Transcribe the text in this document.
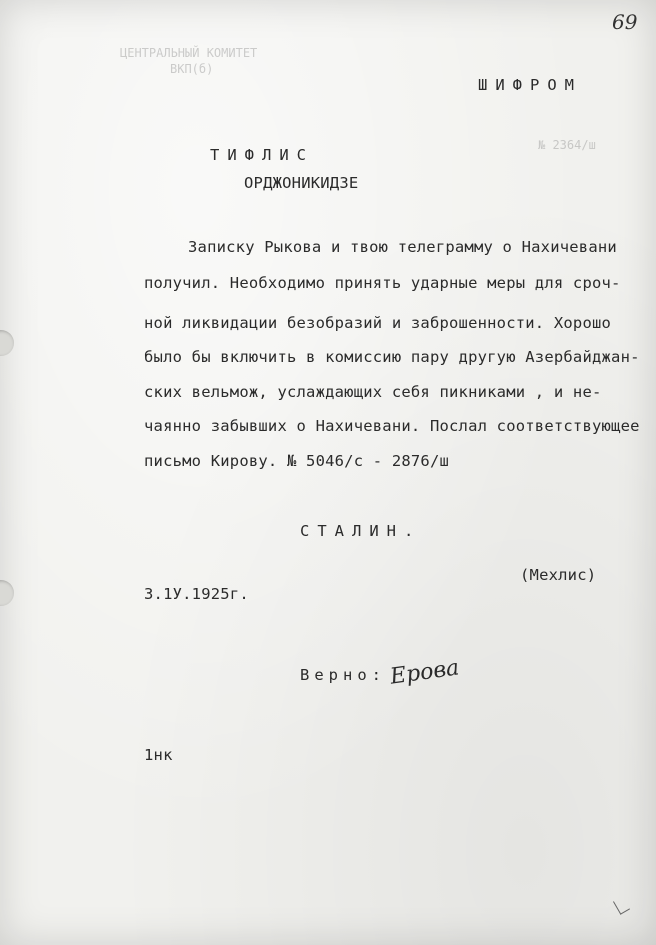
ЦЕНТРАЛЬНЫЙ КОМИТЕТ
ВКП(б)
№ 2364/ш
69
ШИФРОМ
ТИФЛИС
ОРДЖОНИКИДЗЕ
Записку Рыкова и твою телеграмму о Нахичевани
получил. Необходимо принять ударные меры для сроч-
ной ликвидации безобразий и заброшенности. Хорошо
было бы включить в комиссию пару другую Азербайджан-
ских вельмож, услаждающих себя пикниками , и не-
чаянно забывших о Нахичевани. Послал соответствующее
письмо Кирову. № 5046/с - 2876/ш
СТАЛИН.
(Мехлис)
3.1У.1925г.
Верно: Ерова
1нк
